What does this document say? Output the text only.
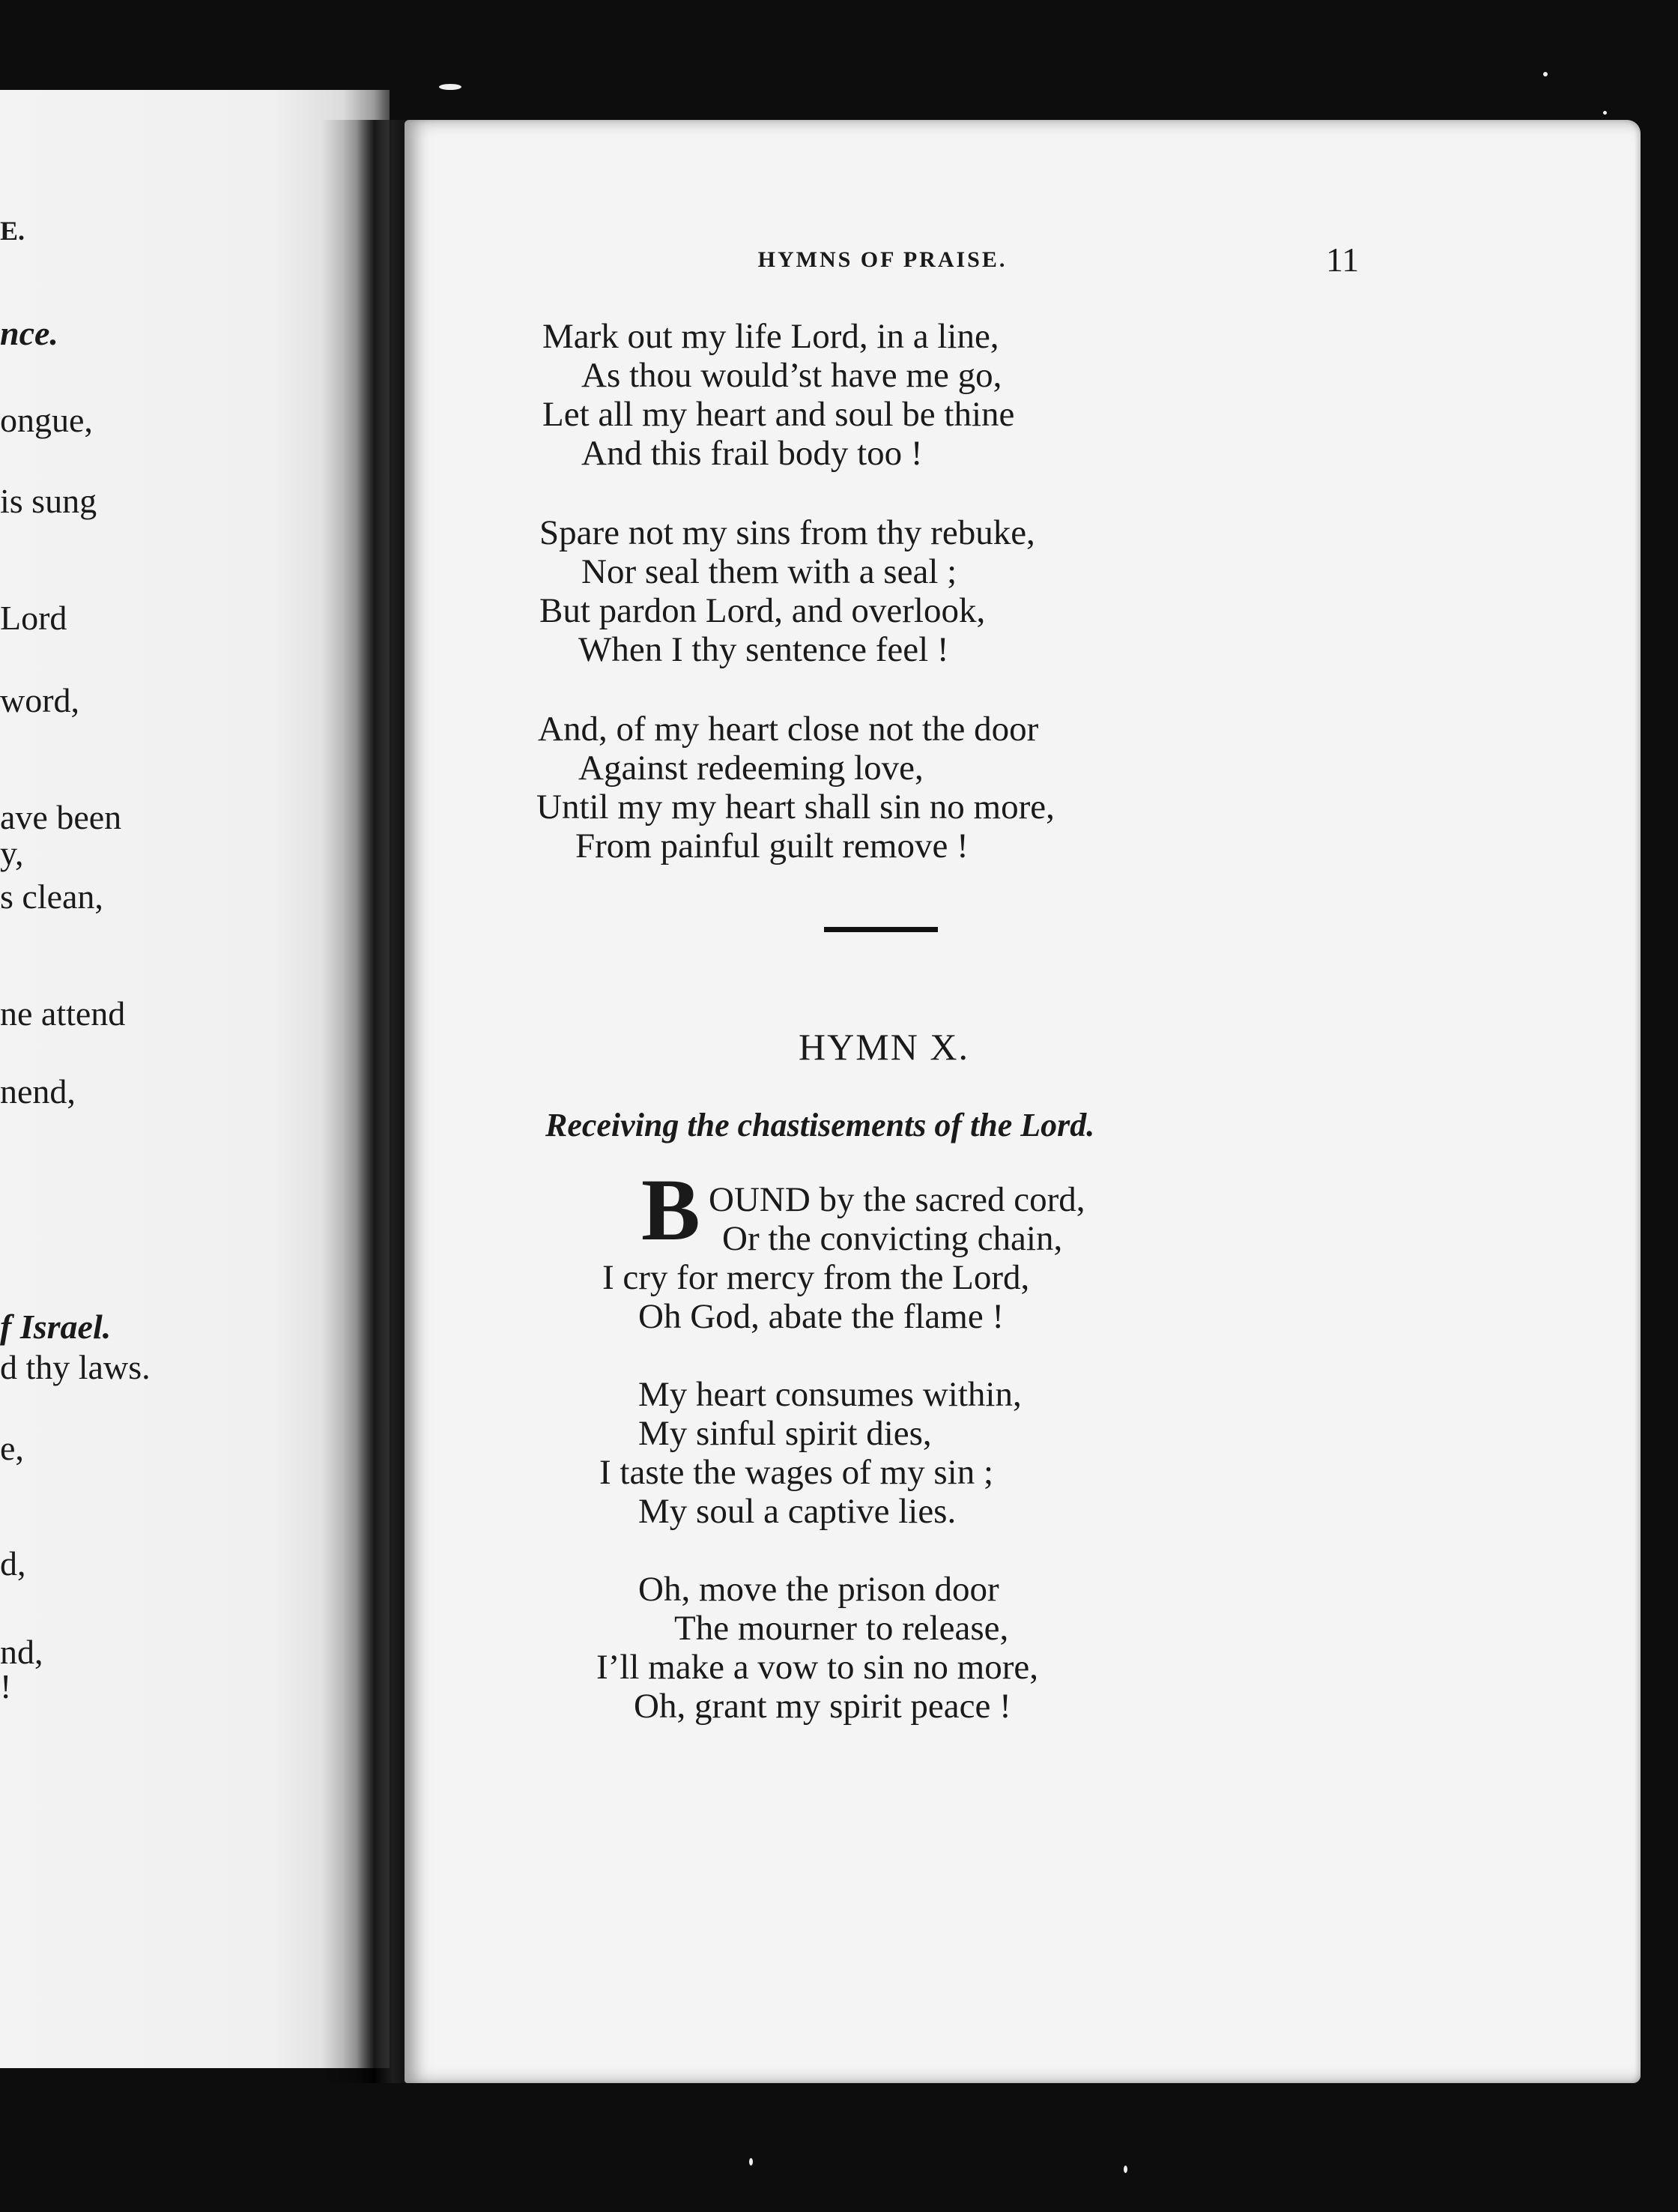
E.
nce.
ongue,
is sung
Lord
word,
ave been
y,
s clean,
ne attend
nend,
f Israel.
d thy laws.
e,
d,
nd,
!
HYMNS OF PRAISE.	11
Mark out my life Lord, in a line,
As thou would’st have me go,
Let all my heart and soul be thine
And this frail body too !
Spare not my sins from thy rebuke,
Nor seal them with a seal ;
But pardon Lord, and overlook,
When I thy sentence feel !
And, of my heart close not the door
Against redeeming love,
Until my my heart shall sin no more,
From painful guilt remove !
HYMN X.
Receiving the chastisements of the Lord.
B OUND by the sacred cord,
Or the convicting chain,
I cry for mercy from the Lord,
Oh God, abate the flame !
My heart consumes within,
My sinful spirit dies,
I taste the wages of my sin ;
My soul a captive lies.
Oh, move the prison door
The mourner to release,
I’ll make a vow to sin no more,
Oh, grant my spirit peace !
